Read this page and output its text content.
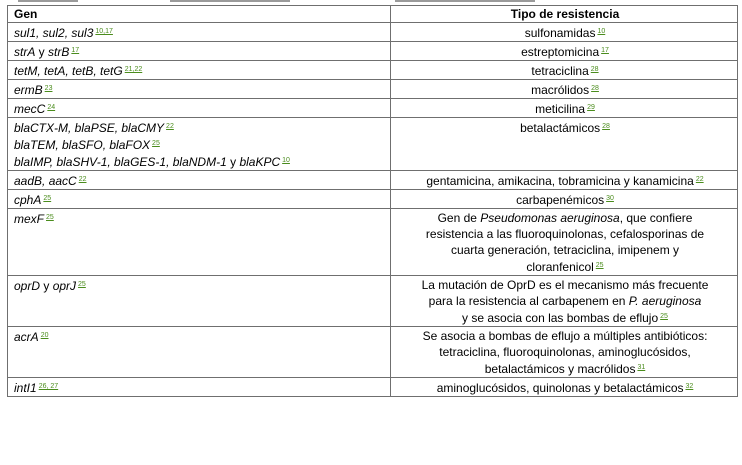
Gen	Tipo de resistencia

sul1, sul2, sul3 $^{10,17}$	sulfonamidas $^{10}$

strA y strB $^{17}$	estreptomicina $^{17}$

tetM, tetA, tetB, tetG $^{21,22}$	tetraciclina $^{28}$

ermB $^{23}$	macrólidos $^{28}$

mecC $^{24}$	meticilina $^{29}$

blaCTX-M, blaPSE, blaCMY $^{22}$
blaTEM, blaSFO, blaFOX $^{25}$
blaIMP, blaSHV-1, blaGES-1, blaNDM-1 y blaKPC $^{10}$	betalactámicos $^{28}$

aadB, aacC $^{22}$	gentamicina, amikacina, tobramicina y kanamicina $^{22}$

cphA $^{25}$	carbapenémicos $^{30}$

mexF $^{25}$	Gen de Pseudomonas aeruginosa, que confiere
resistencia a las fluoroquinolonas, cefalosporinas de
cuarta generación, tetraciclina, imipenem y
cloranfenicol $^{25}$

oprD y oprJ $^{25}$	La mutación de OprD es el mecanismo más frecuente
para la resistencia al carbapenem en P. aeruginosa
y se asocia con las bombas de eflujo $^{25}$

acrA $^{20}$	Se asocia a bombas de eflujo a múltiples antibióticos:
tetraciclina, fluoroquinolonas, aminoglucósidos,
betalactámicos y macrólidos $^{31}$

intI1 $^{26, 27}$	aminoglucósidos, quinolonas y betalactámicos $^{32}$
